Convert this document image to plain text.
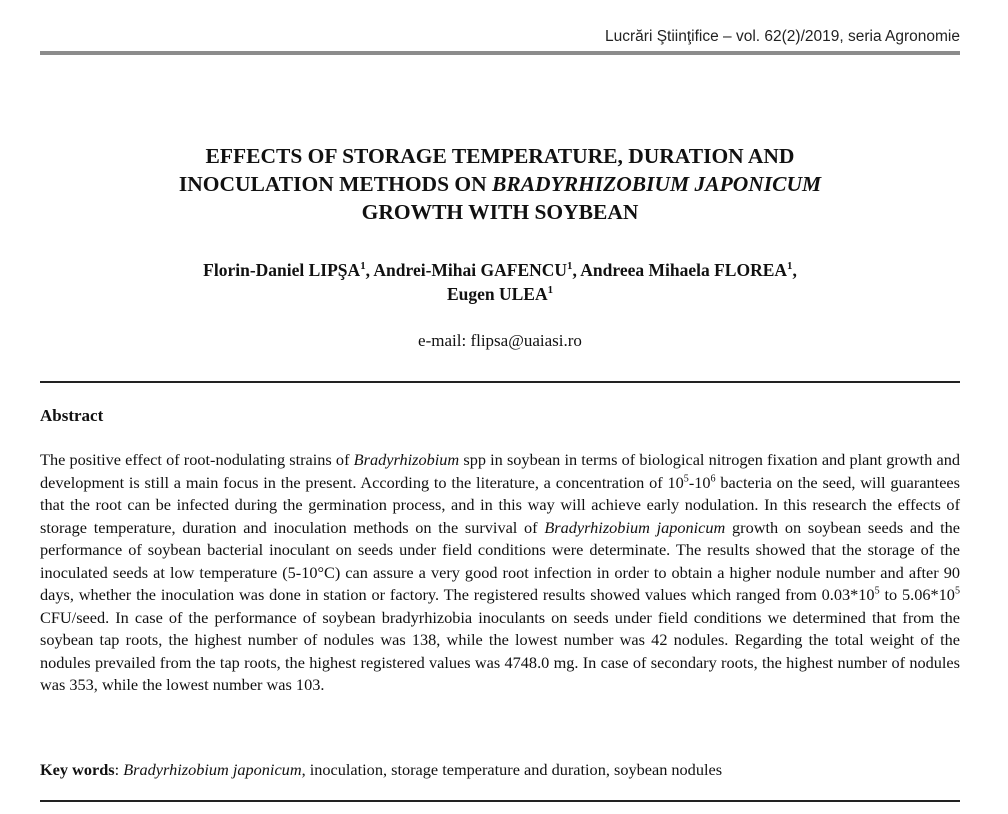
Lucrări Ştiinţifice – vol. 62(2)/2019, seria Agronomie
EFFECTS OF STORAGE TEMPERATURE, DURATION AND
INOCULATION METHODS ON BRADYRHIZOBIUM JAPONICUM
GROWTH WITH SOYBEAN
Florin-Daniel LIPŞA$^1$, Andrei-Mihai GAFENCU$^1$, Andreea Mihaela FLOREA$^1$,
Eugen ULEA$^1$
e-mail: flipsa@uaiasi.ro
Abstract

The positive effect of root-nodulating strains of Bradyrhizobium spp in soybean in terms of biological nitrogen fixation and plant growth and development is still a main focus in the present. According to the literature, a concentration of $10^5-10^6$ bacteria on the seed, will guarantees that the root can be infected during the germination process, and in this way will achieve early nodulation. In this research the effects of storage temperature, duration and inoculation methods on the survival of Bradyrhizobium japonicum growth on soybean seeds and the performance of soybean bacterial inoculant on seeds under field conditions were determinate. The results showed that the storage of the inoculated seeds at low temperature (5-10°C) can assure a very good root infection in order to obtain a higher nodule number and after 90 days, whether the inoculation was done in station or factory. The registered results showed values which ranged from $0.03*10^5$ to $5.06*10^5$ CFU/seed. In case of the performance of soybean bradyrhizobia inoculants on seeds under field conditions we determined that from the soybean tap roots, the highest number of nodules was 138, while the lowest number was 42 nodules. Regarding the total weight of the nodules prevailed from the tap roots, the highest registered values was 4748.0 mg. In case of secondary roots, the highest number of nodules was 353, while the lowest number was 103.

Key words: Bradyrhizobium japonicum, inoculation, storage temperature and duration, soybean nodules
